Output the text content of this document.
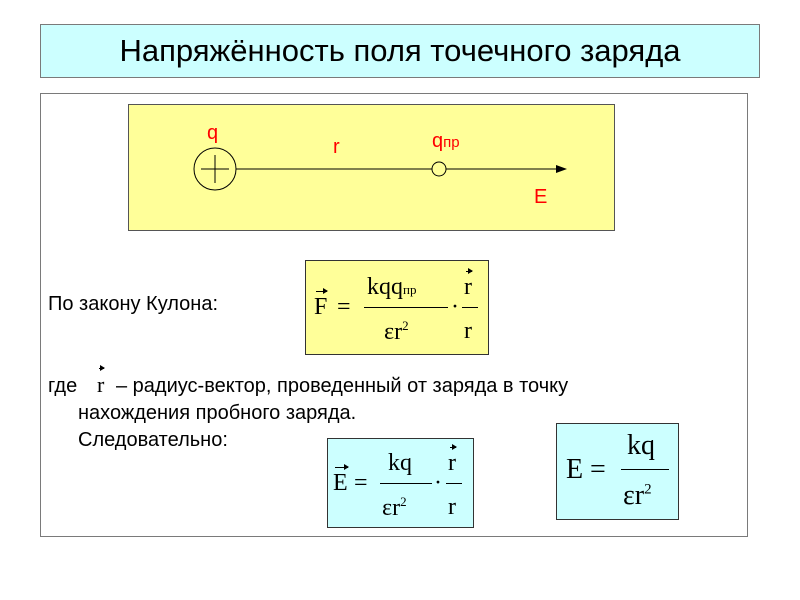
Напряжённость поля точечного заряда
q
r	qпр
E
По закону Кулона:
где r – радиус-вектор, проведенный от заряда в точку
нахождения пробного заряда.
Следовательно:
F =
kqqпр
$\varepsilon r^2$
·
r
r
E =
kq
$\varepsilon r^2$
·
r
r
E =
kq
$\varepsilon r^2$
